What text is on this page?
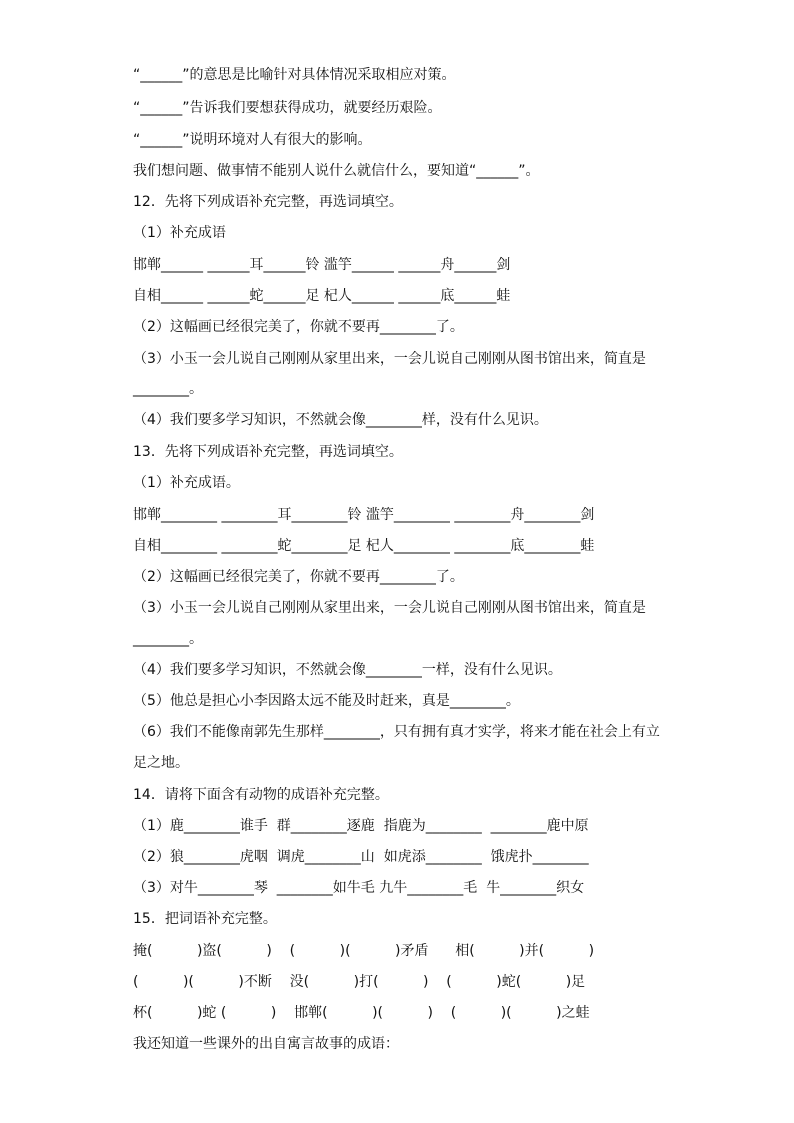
“______”的意思是比喻针对具体情况采取相应对策。
“______”告诉我们要想获得成功，就要经历艰险。
“______”说明环境对人有很大的影响。
我们想问题、做事情不能别人说什么就信什么，要知道“______”。
12．先将下列成语补充完整，再选词填空。
（1）补充成语
邯郸______ ______耳______铃 滥竽______ ______舟______剑
自相______ ______蛇______足 杞人______ ______底______蛙
（2）这幅画已经很完美了，你就不要再________了。
（3）小玉一会儿说自己刚刚从家里出来，一会儿说自己刚刚从图书馆出来，简直是
________。
（4）我们要多学习知识，不然就会像________样，没有什么见识。
13．先将下列成语补充完整，再选词填空。
（1）补充成语。
邯郸________ ________耳________铃 滥竽________ ________舟________剑
自相________ ________蛇________足 杞人________ ________底________蛙
（2）这幅画已经很完美了，你就不要再________了。
（3）小玉一会儿说自己刚刚从家里出来，一会儿说自己刚刚从图书馆出来，简直是
________。
（4）我们要多学习知识，不然就会像________一样，没有什么见识。
（5）他总是担心小李因路太远不能及时赶来，真是________。
（6）我们不能像南郭先生那样________，只有拥有真才实学，将来才能在社会上有立
足之地。
14．请将下面含有动物的成语补充完整。
（1）鹿________谁手  群________逐鹿  指鹿为________  ________鹿中原
（2）狼________虎咽  调虎________山  如虎添________  饿虎扑________
（3）对牛________琴  ________如牛毛 九牛________毛  牛________织女
15．把词语补充完整。
掩(          )盗(          )    (          )(          )矛盾      相(          )并(          )
(          )(          )不断    没(          )打(          )    (          )蛇(          )足
杯(          )蛇 (          )    邯郸(          )(          )    (          )(          )之蛙
我还知道一些课外的出自寓言故事的成语：
